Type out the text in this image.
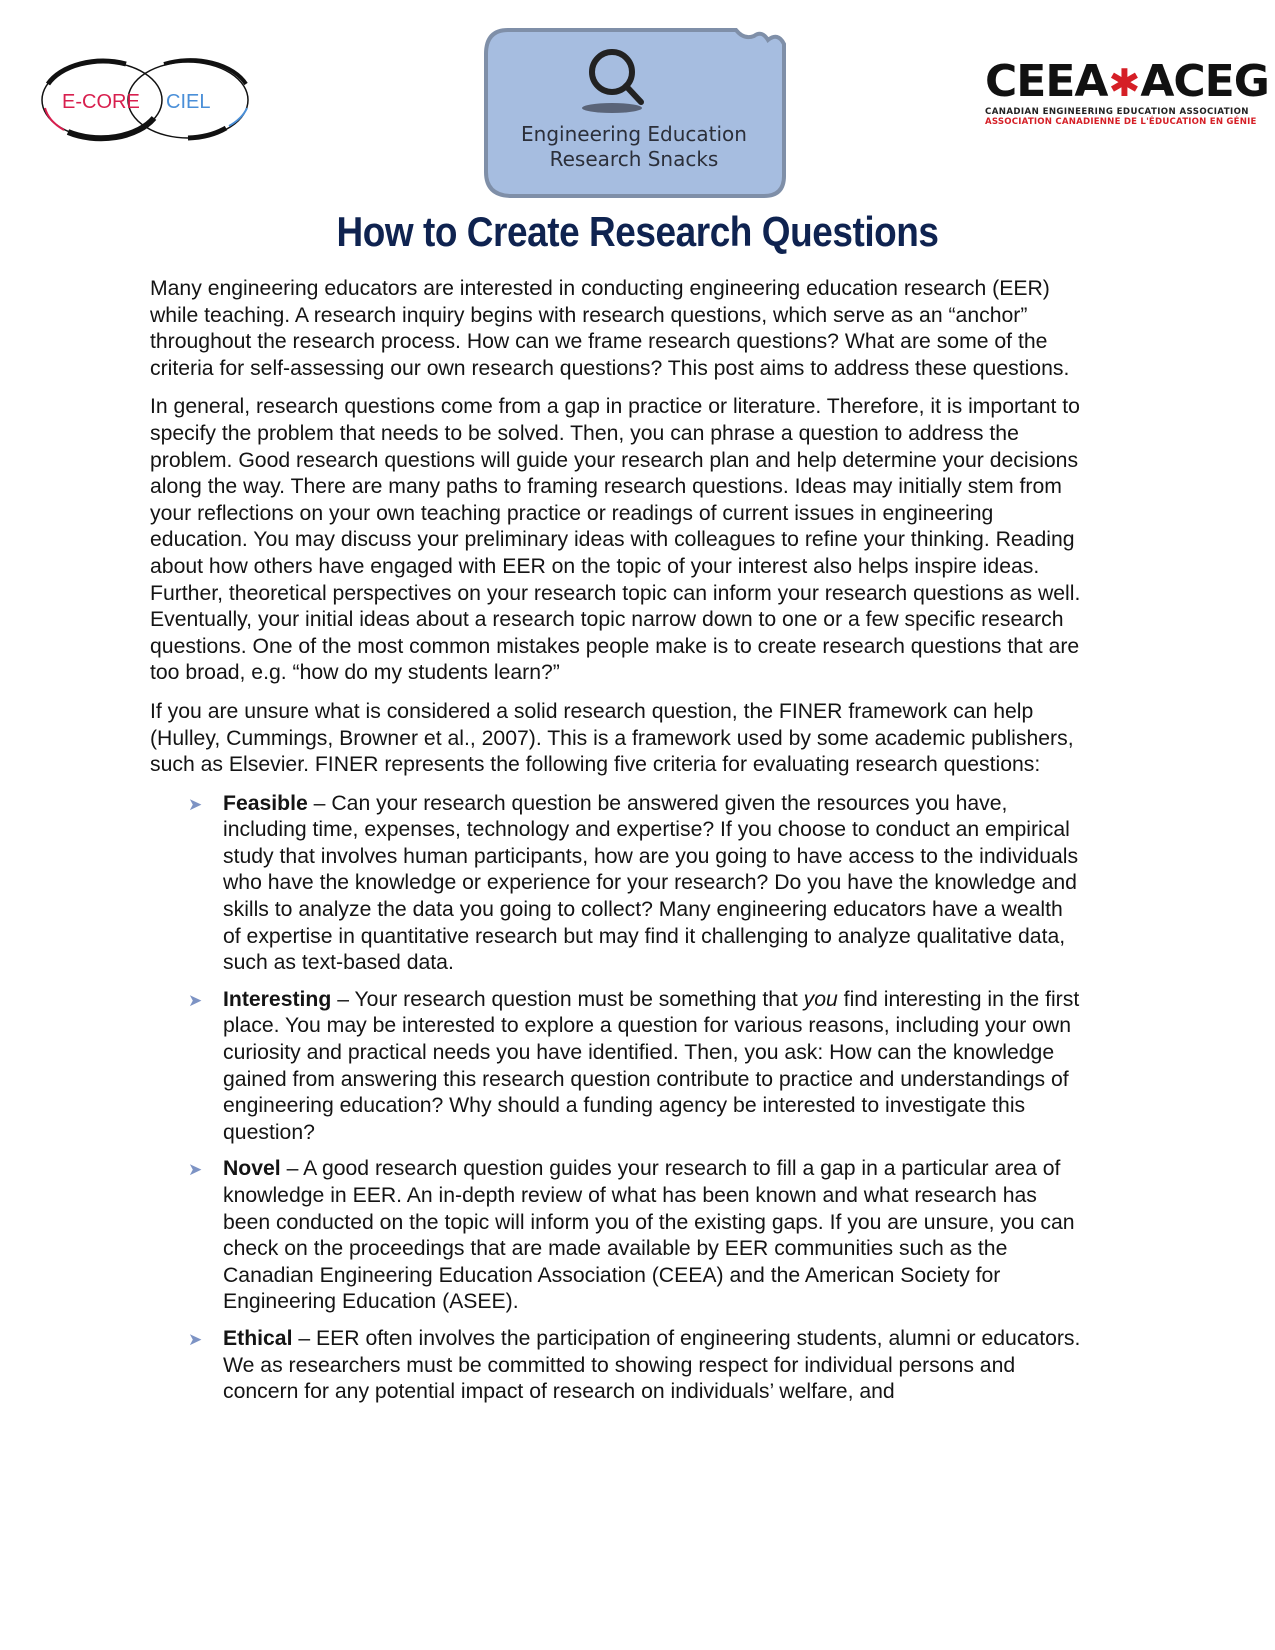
E-CORE CIEL
Engineering Education
Research Snacks
CEEA✱ACEG
CANADIAN ENGINEERING EDUCATION ASSOCIATION
ASSOCIATION CANADIENNE DE L'ÉDUCATION EN GÉNIE
How to Create Research Questions

Many engineering educators are interested in conducting engineering education research (EER) while teaching. A research inquiry begins with research questions, which serve as an “anchor” throughout the research process. How can we frame research questions? What are some of the criteria for self-assessing our own research questions? This post aims to address these questions.

In general, research questions come from a gap in practice or literature. Therefore, it is important to specify the problem that needs to be solved. Then, you can phrase a question to address the problem. Good research questions will guide your research plan and help determine your decisions along the way. There are many paths to framing research questions. Ideas may initially stem from your reflections on your own teaching practice or readings of current issues in engineering education. You may discuss your preliminary ideas with colleagues to refine your thinking. Reading about how others have engaged with EER on the topic of your interest also helps inspire ideas. Further, theoretical perspectives on your research topic can inform your research questions as well. Eventually, your initial ideas about a research topic narrow down to one or a few specific research questions. One of the most common mistakes people make is to create research questions that are too broad, e.g. “how do my students learn?”

If you are unsure what is considered a solid research question, the FINER framework can help (Hulley, Cummings, Browner et al., 2007). This is a framework used by some academic publishers, such as Elsevier. FINER represents the following five criteria for evaluating research questions:

➤ Feasible – Can your research question be answered given the resources you have, including time, expenses, technology and expertise? If you choose to conduct an empirical study that involves human participants, how are you going to have access to the individuals who have the knowledge or experience for your research? Do you have the knowledge and skills to analyze the data you going to collect? Many engineering educators have a wealth of expertise in quantitative research but may find it challenging to analyze qualitative data, such as text-based data.
➤ Interesting – Your research question must be something that you find interesting in the first place. You may be interested to explore a question for various reasons, including your own curiosity and practical needs you have identified. Then, you ask: How can the knowledge gained from answering this research question contribute to practice and understandings of engineering education? Why should a funding agency be interested to investigate this question?
➤ Novel – A good research question guides your research to fill a gap in a particular area of knowledge in EER. An in-depth review of what has been known and what research has been conducted on the topic will inform you of the existing gaps. If you are unsure, you can check on the proceedings that are made available by EER communities such as the Canadian Engineering Education Association (CEEA) and the American Society for Engineering Education (ASEE).
➤ Ethical – EER often involves the participation of engineering students, alumni or educators. We as researchers must be committed to showing respect for individual persons and concern for any potential impact of research on individuals’ welfare, and
